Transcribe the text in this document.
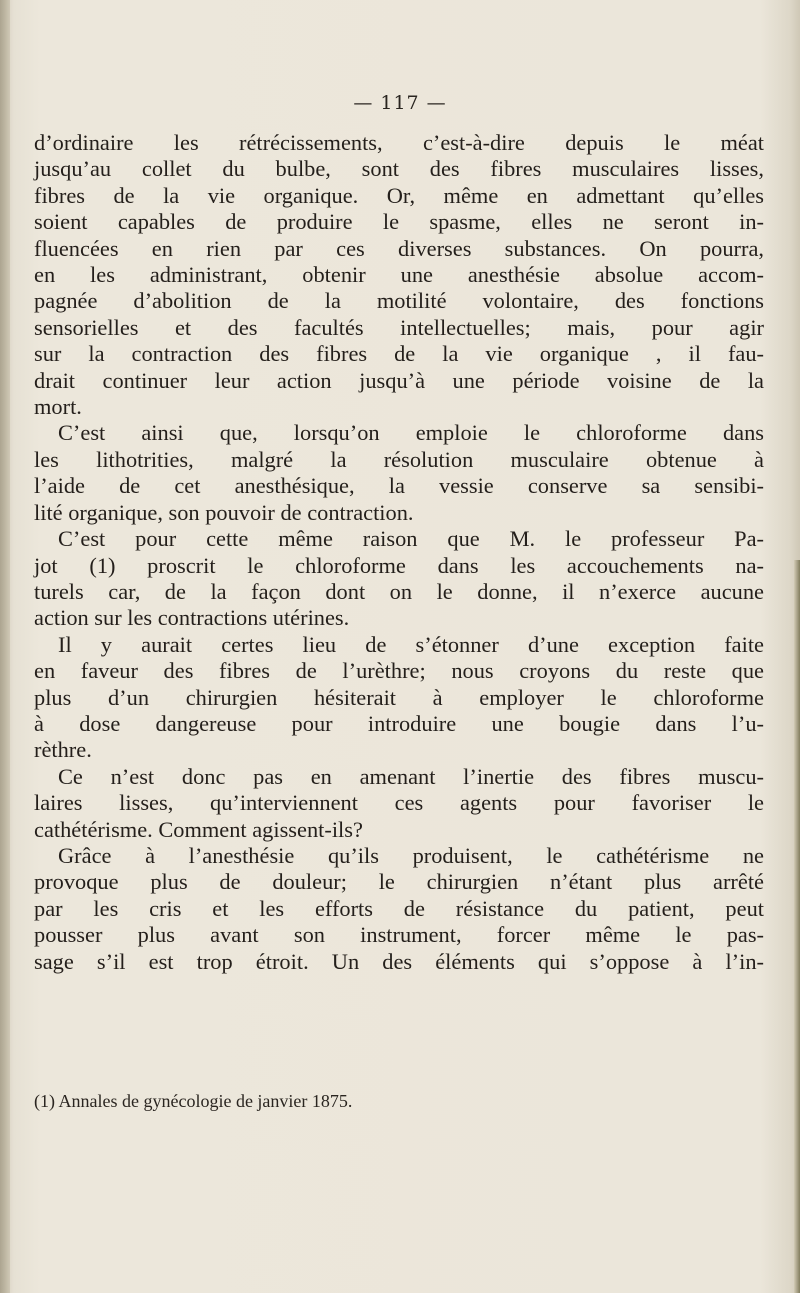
— 117 —
d’ordinaire les rétrécissements, c’est-à-dire depuis le méat
jusqu’au collet du bulbe, sont des fibres musculaires lisses,
fibres de la vie organique. Or, même en admettant qu’elles
soient capables de produire le spasme, elles ne seront in-
fluencées en rien par ces diverses substances. On pourra,
en les administrant, obtenir une anesthésie absolue accom-
pagnée d’abolition de la motilité volontaire, des fonctions
sensorielles et des facultés intellectuelles; mais, pour agir
sur la contraction des fibres de la vie organique , il fau-
drait continuer leur action jusqu’à une période voisine de la
mort.
C’est ainsi que, lorsqu’on emploie le chloroforme dans
les lithotrities, malgré la résolution musculaire obtenue à
l’aide de cet anesthésique, la vessie conserve sa sensibi-
lité organique, son pouvoir de contraction.
C’est pour cette même raison que M. le professeur Pa-
jot (1) proscrit le chloroforme dans les accouchements na-
turels car, de la façon dont on le donne, il n’exerce aucune
action sur les contractions utérines.
Il y aurait certes lieu de s’étonner d’une exception faite
en faveur des fibres de l’urèthre; nous croyons du reste que
plus d’un chirurgien hésiterait à employer le chloroforme
à dose dangereuse pour introduire une bougie dans l’u-
rèthre.
Ce n’est donc pas en amenant l’inertie des fibres muscu-
laires lisses, qu’interviennent ces agents pour favoriser le
cathétérisme. Comment agissent-ils?
Grâce à l’anesthésie qu’ils produisent, le cathétérisme ne
provoque plus de douleur; le chirurgien n’étant plus arrêté
par les cris et les efforts de résistance du patient, peut
pousser plus avant son instrument, forcer même le pas-
sage s’il est trop étroit. Un des éléments qui s’oppose à l’in-
(1) Annales de gynécologie de janvier 1875.
